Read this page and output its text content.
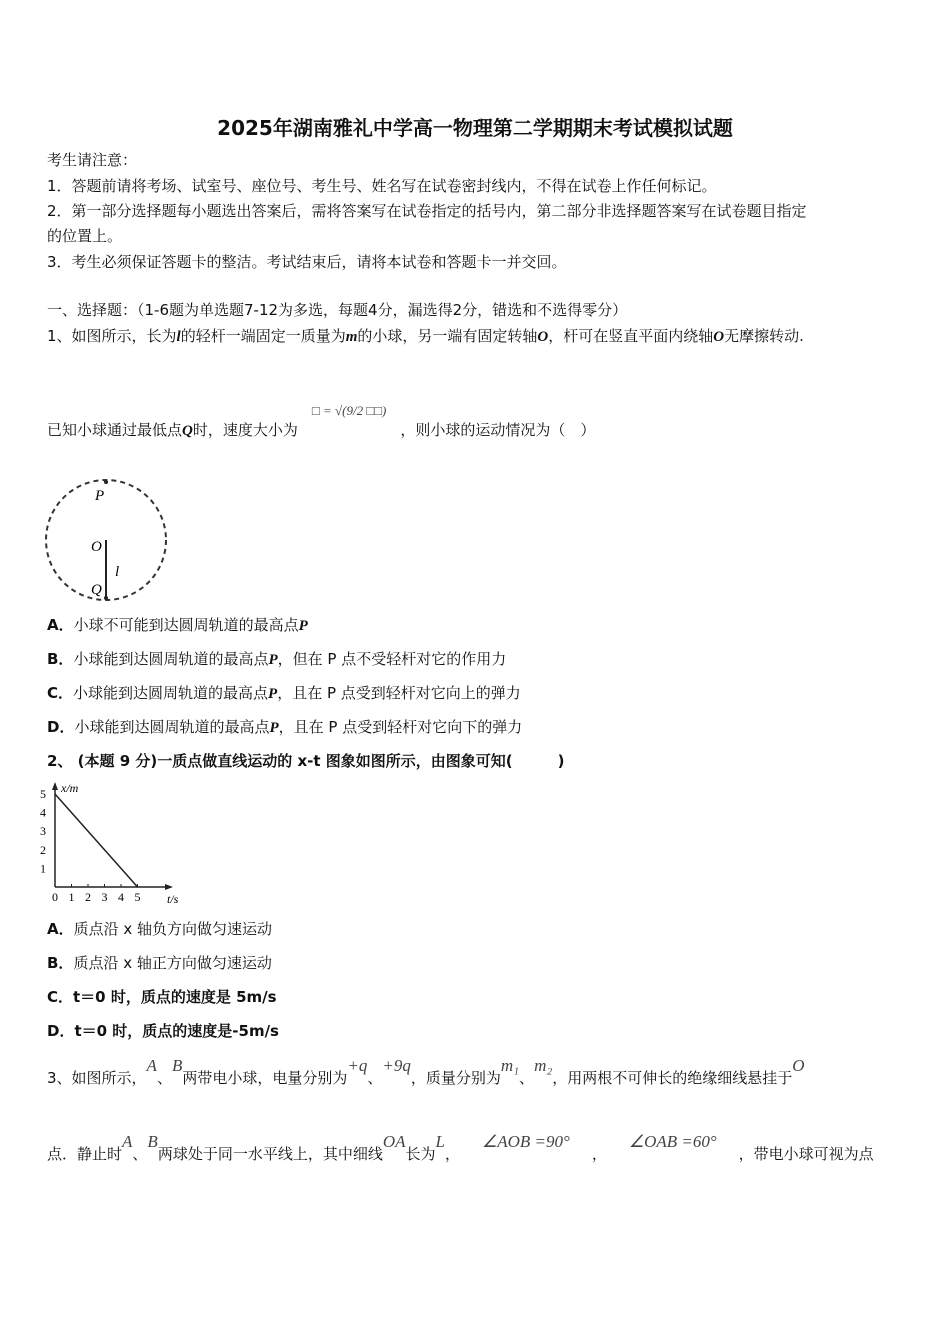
2025年湖南雅礼中学高一物理第二学期期末考试模拟试题
考生请注意：
1．答题前请将考场、试室号、座位号、考生号、姓名写在试卷密封线内，不得在试卷上作任何标记。
2．第一部分选择题每小题选出答案后，需将答案写在试卷指定的括号内，第二部分非选择题答案写在试卷题目指定
的位置上。
3．考生必须保证答题卡的整洁。考试结束后，请将本试卷和答题卡一并交回。
一、选择题：（1-6题为单选题7-12为多选，每题4分，漏选得2分，错选和不选得零分）
1、如图所示，长为l的轻杆一端固定一质量为m的小球，另一端有固定转轴O，杆可在竖直平面内绕轴O无摩擦转动.
已知小球通过最低点Q时，速度大小为□ = √(9/2 □□)，则小球的运动情况为（　）
P
O
Q
l
A．小球不可能到达圆周轨道的最高点P
B．小球能到达圆周轨道的最高点P，但在 P 点不受轻杆对它的作用力
C．小球能到达圆周轨道的最高点P，且在 P 点受到轻杆对它向上的弹力
D．小球能到达圆周轨道的最高点P，且在 P 点受到轻杆对它向下的弹力
2、 (本题 9 分)一质点做直线运动的 x-t 图象如图所示，由图象可知(　　　)
0 1 2 3 4 5
1
2
3
4
5 x/m
t/s
A．质点沿 x 轴负方向做匀速运动
B．质点沿 x 轴正方向做匀速运动
C．t＝0 时，质点的速度是 5m/s
D．t＝0 时，质点的速度是-5m/s
3、如图所示，A、B两带电小球，电量分别为+q、+9q，质量分别为m₁、m₂，用两根不可伸长的绝缘细线悬挂于O
点．静止时A、B两球处于同一水平线上，其中细线OA长为L，∠AOB =90°，∠OAB =60°，带电小球可视为点
